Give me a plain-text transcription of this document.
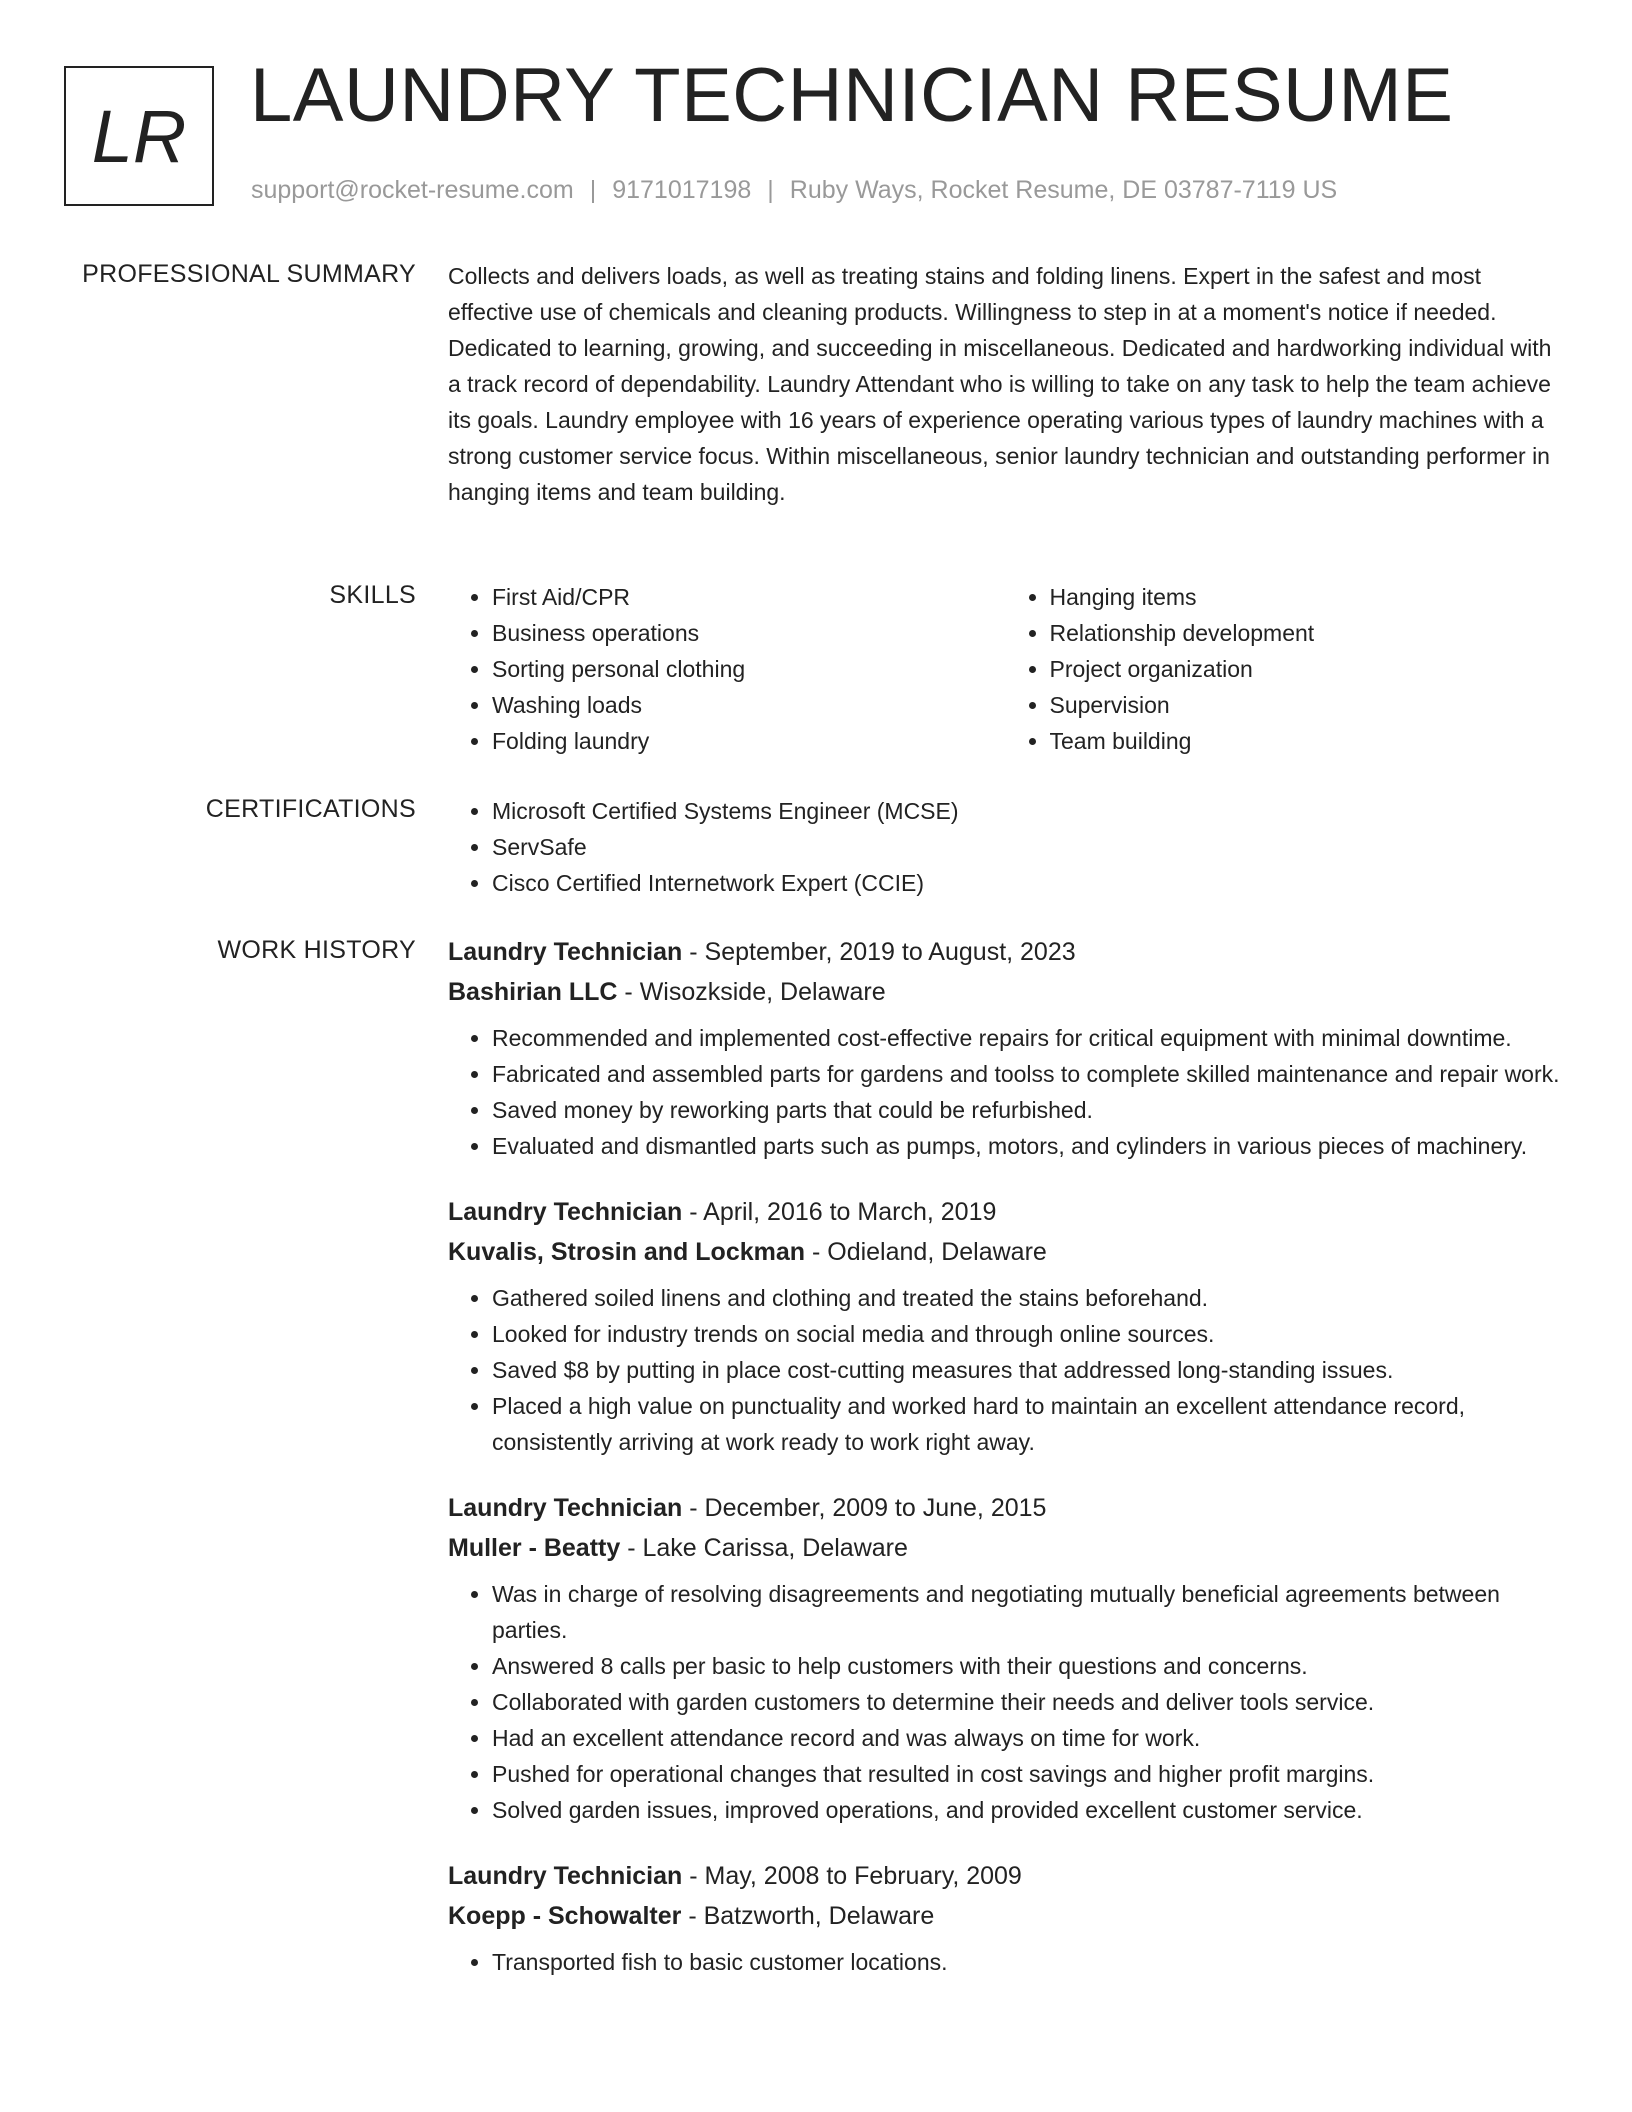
LR LAUNDRY TECHNICIAN RESUME
support@rocket-resume.com | 9171017198 | Ruby Ways, Rocket Resume, DE 03787-7119 US
PROFESSIONAL SUMMARY Collects and delivers loads, as well as treating stains and folding linens. Expert in the safest and most effective use of chemicals and cleaning products. Willingness to step in at a moment's notice if needed. Dedicated to learning, growing, and succeeding in miscellaneous. Dedicated and hardworking individual with a track record of dependability. Laundry Attendant who is willing to take on any task to help the team achieve its goals. Laundry employee with 16 years of experience operating various types of laundry machines with a strong customer service focus. Within miscellaneous, senior laundry technician and outstanding performer in hanging items and team building.
SKILLS	• First Aid/CPR
• Business operations
• Sorting personal clothing
• Washing loads
• Folding laundry
• Hanging items
• Relationship development
• Project organization
• Supervision
• Team building
CERTIFICATIONS	• Microsoft Certified Systems Engineer (MCSE)
• ServSafe
• Cisco Certified Internetwork Expert (CCIE)
WORK HISTORY Laundry Technician - September, 2019 to August, 2023
Bashirian LLC - Wisozkside, Delaware
• Recommended and implemented cost-effective repairs for critical equipment with minimal downtime.
• Fabricated and assembled parts for gardens and toolss to complete skilled maintenance and repair work.
• Saved money by reworking parts that could be refurbished.
• Evaluated and dismantled parts such as pumps, motors, and cylinders in various pieces of machinery.
Laundry Technician - April, 2016 to March, 2019
Kuvalis, Strosin and Lockman - Odieland, Delaware
• Gathered soiled linens and clothing and treated the stains beforehand.
• Looked for industry trends on social media and through online sources.
• Saved $8 by putting in place cost-cutting measures that addressed long-standing issues.
• Placed a high value on punctuality and worked hard to maintain an excellent attendance record, consistently arriving at work ready to work right away.
Laundry Technician - December, 2009 to June, 2015
Muller - Beatty - Lake Carissa, Delaware
• Was in charge of resolving disagreements and negotiating mutually beneficial agreements between parties.
• Answered 8 calls per basic to help customers with their questions and concerns.
• Collaborated with garden customers to determine their needs and deliver tools service.
• Had an excellent attendance record and was always on time for work.
• Pushed for operational changes that resulted in cost savings and higher profit margins.
• Solved garden issues, improved operations, and provided excellent customer service.
Laundry Technician - May, 2008 to February, 2009
Koepp - Schowalter - Batzworth, Delaware
• Transported fish to basic customer locations.
